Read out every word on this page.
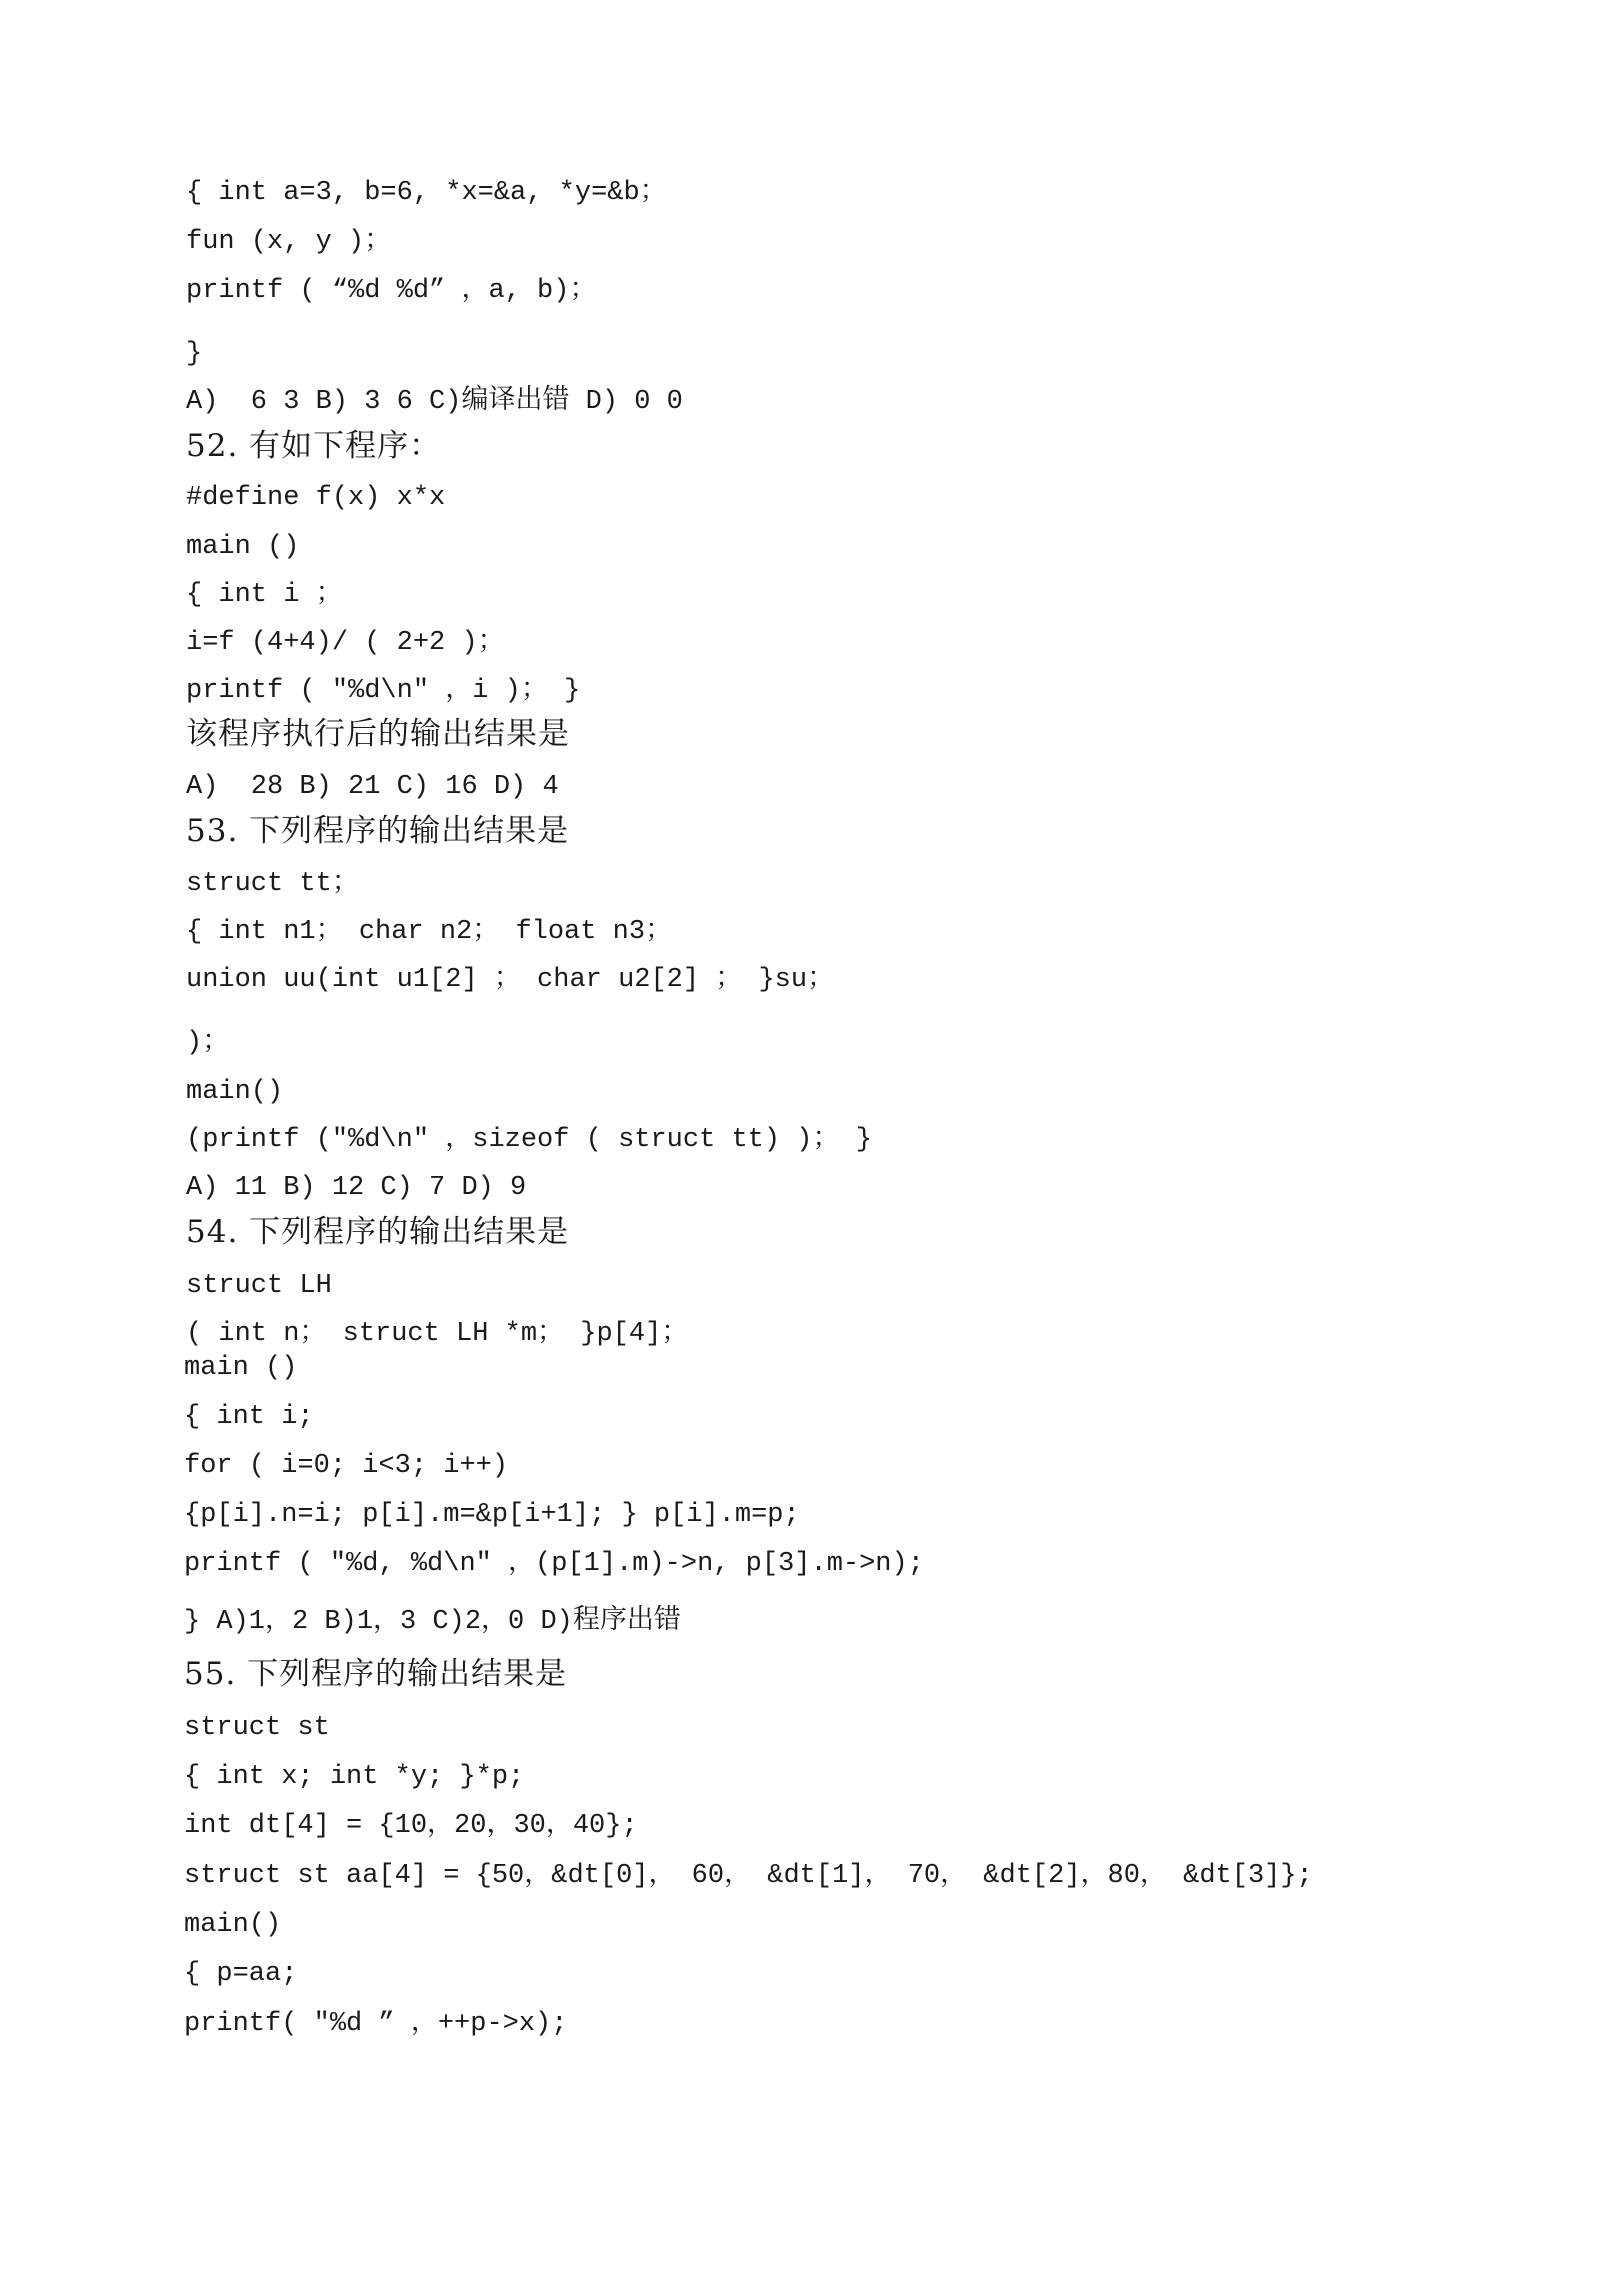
{ int a=3, b=6, *x=&a, *y=&b；
fun (x, y )；
printf ( “%d %d” ，a, b)；
}
A)  6 3 B) 3 6 C)编译出错 D) 0 0
52. 有如下程序：
#define f(x) x*x
main ()
{ int i ；
i=f (4+4)/ ( 2+2 )；
printf ( "%d\n" ，i )； }
该程序执行后的输出结果是
A)  28 B) 21 C) 16 D) 4
53. 下列程序的输出结果是
struct tt；
{ int n1； char n2； float n3；
union uu(int u1[2] ； char u2[2] ； }su；
)；
main()
(printf ("%d\n" ，sizeof ( struct tt) )； }
A) 11 B) 12 C) 7 D) 9
54. 下列程序的输出结果是
struct LH
( int n； struct LH *m； }p[4]；
main ()
{ int i;
for ( i=0; i<3; i++)
{p[i].n=i; p[i].m=&p[i+1]; } p[i].m=p;
printf ( "%d, %d\n" ，(p[1].m)->n, p[3].m->n);
} A)1，2 B)1，3 C)2，0 D)程序出错
55. 下列程序的输出结果是
struct st
{ int x; int *y; }*p;
int dt[4] = {10，20，30，40};
struct st aa[4] = {50，&dt[0]， 60， &dt[1]， 70， &dt[2]，80， &dt[3]};
main()
{ p=aa;
printf( "%d ” ，++p->x);
